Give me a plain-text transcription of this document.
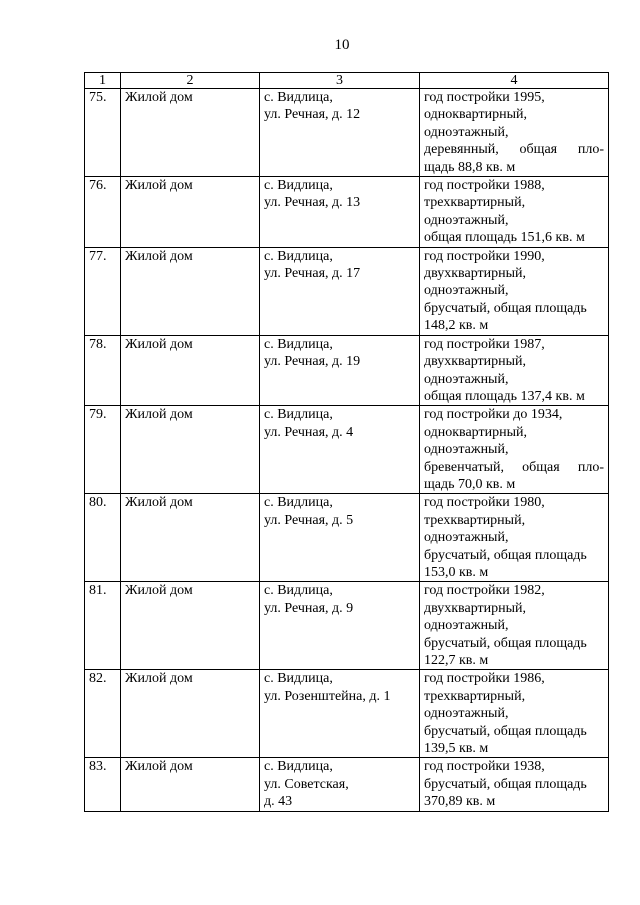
10
1	2	3	4
75.	Жилой дом	с. Видлица,
ул. Речная, д. 12	год постройки 1995,
одноквартирный,
одноэтажный,
деревянный, общая пло-
щадь 88,8 кв. м

76.	Жилой дом	с. Видлица,
ул. Речная, д. 13	год постройки 1988,
трехквартирный,
одноэтажный,
общая площадь 151,6 кв. м

77.	Жилой дом	с. Видлица,
ул. Речная, д. 17	год постройки 1990,
двухквартирный,
одноэтажный,
брусчатый, общая площадь
148,2 кв. м

78.	Жилой дом	с. Видлица,
ул. Речная, д. 19	год постройки 1987,
двухквартирный,
одноэтажный,
общая площадь 137,4 кв. м

79.	Жилой дом	с. Видлица,
ул. Речная, д. 4	год постройки до 1934,
одноквартирный,
одноэтажный,
бревенчатый, общая пло-
щадь 70,0 кв. м

80.	Жилой дом	с. Видлица,
ул. Речная, д. 5	год постройки 1980,
трехквартирный,
одноэтажный,
брусчатый, общая площадь
153,0 кв. м

81.	Жилой дом	с. Видлица,
ул. Речная, д. 9	год постройки 1982,
двухквартирный,
одноэтажный,
брусчатый, общая площадь
122,7 кв. м

82.	Жилой дом	с. Видлица,
ул. Розенштейна, д. 1	год постройки 1986,
трехквартирный,
одноэтажный,
брусчатый, общая площадь
139,5 кв. м

83.	Жилой дом	с. Видлица,
ул. Советская,
д. 43	год постройки 1938,
брусчатый, общая площадь
370,89 кв. м
